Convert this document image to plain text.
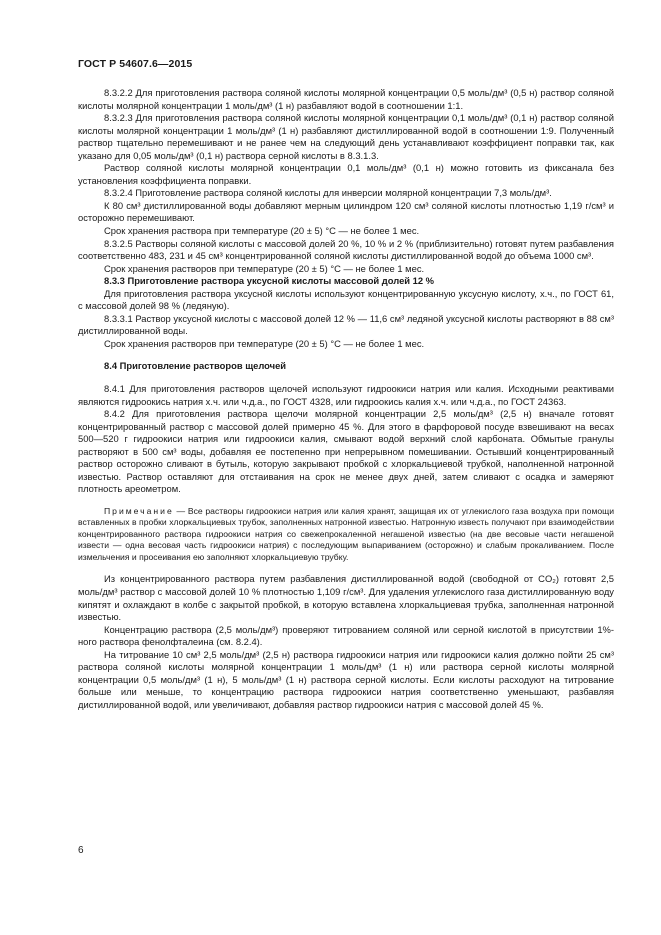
ГОСТ Р 54607.6—2015

8.3.2.2 Для приготовления раствора соляной кислоты молярной концентрации 0,5 моль/дм³ (0,5 н) раствор соляной кислоты молярной концентрации 1 моль/дм³ (1 н) разбавляют водой в соотношении 1:1.

8.3.2.3 Для приготовления раствора соляной кислоты молярной концентрации 0,1 моль/дм³ (0,1 н) раствор соляной кислоты молярной концентрации 1 моль/дм³ (1 н) разбавляют дистиллированной водой в соотношении 1:9. Полученный раствор тщательно перемешивают и не ранее чем на следующий день устанавливают коэффициент поправки так, как указано для 0,05 моль/дм³ (0,1 н) раствора серной кислоты в 8.3.1.3.

Раствор соляной кислоты молярной концентрации 0,1 моль/дм³ (0,1 н) можно готовить из фиксанала без установления коэффициента поправки.

8.3.2.4 Приготовление раствора соляной кислоты для инверсии молярной концентрации 7,3 моль/дм³.

К 80 см³ дистиллированной воды добавляют мерным цилиндром 120 см³ соляной кислоты плотностью 1,19 г/см³ и осторожно перемешивают.

Срок хранения раствора при температуре (20 ± 5) °С — не более 1 мес.

8.3.2.5 Растворы соляной кислоты с массовой долей 20 %, 10 % и 2 % (приблизительно) готовят путем разбавления соответственно 483, 231 и 45 см³ концентрированной соляной кислоты дистиллированной водой до объема 1000 см³.

Срок хранения растворов при температуре (20 ± 5) °С — не более 1 мес.

8.3.3 Приготовление раствора уксусной кислоты массовой долей 12 %

Для приготовления раствора уксусной кислоты используют концентрированную уксусную кислоту, х.ч., по ГОСТ 61, с массовой долей 98 % (ледяную).

8.3.3.1 Раствор уксусной кислоты с массовой долей 12 % — 11,6 см³ ледяной уксусной кислоты растворяют в 88 см³ дистиллированной воды.

Срок хранения растворов при температуре (20 ± 5) °С — не более 1 мес.

8.4 Приготовление растворов щелочей

8.4.1 Для приготовления растворов щелочей используют гидроокиси натрия или калия. Исходными реактивами являются гидроокись натрия х.ч. или ч.д.а., по ГОСТ 4328, или гидроокись калия х.ч. или ч.д.а., по ГОСТ 24363.

8.4.2 Для приготовления раствора щелочи молярной концентрации 2,5 моль/дм³ (2,5 н) вначале готовят концентрированный раствор с массовой долей примерно 45 %. Для этого в фарфоровой посуде взвешивают на весах 500—520 г гидроокиси натрия или гидроокиси калия, смывают водой верхний слой карбоната. Обмытые гранулы растворяют в 500 см³ воды, добавляя ее постепенно при непрерывном помешивании. Остывший концентрированный раствор осторожно сливают в бутыль, которую закрывают пробкой с хлоркальциевой трубкой, наполненной натронной известью. Раствор оставляют для отстаивания на срок не менее двух дней, затем сливают с осадка и замеряют плотность ареометром.

Примечание — Все растворы гидроокиси натрия или калия хранят, защищая их от углекислого газа воздуха при помощи вставленных в пробки хлоркальциевых трубок, заполненных натронной известью. Натронную известь получают при взаимодействии концентрированного раствора гидроокиси натрия со свежепрокаленной негашеной известью (на две весовые части негашеной извести — одна весовая часть гидроокиси натрия) с последующим выпариванием (осторожно) и слабым прокаливанием. После измельчения и просеивания ею заполняют хлоркальциевую трубку.

Из концентрированного раствора путем разбавления дистиллированной водой (свободной от CO₂) готовят 2,5 моль/дм³ раствор с массовой долей 10 % плотностью 1,109 г/см³. Для удаления углекислого газа дистиллированную воду кипятят и охлаждают в колбе с закрытой пробкой, в которую вставлена хлоркальциевая трубка, заполненная натронной известью.

Концентрацию раствора (2,5 моль/дм³) проверяют титрованием соляной или серной кислотой в присутствии 1%-ного раствора фенолфталеина (см. 8.2.4).

На титрование 10 см³ 2,5 моль/дм³ (2,5 н) раствора гидроокиси натрия или гидроокиси калия должно пойти 25 см³ раствора соляной кислоты молярной концентрации 1 моль/дм³ (1 н) или раствора серной кислоты молярной концентрации 0,5 моль/дм³ (1 н), 5 моль/дм³ (1 н) раствора серной кислоты. Если кислоты расходуют на титрование больше или меньше, то концентрацию раствора гидроокиси натрия соответственно уменьшают, разбавляя дистиллированной водой, или увеличивают, добавляя раствор гидроокиси натрия с массовой долей 45 %.

6
